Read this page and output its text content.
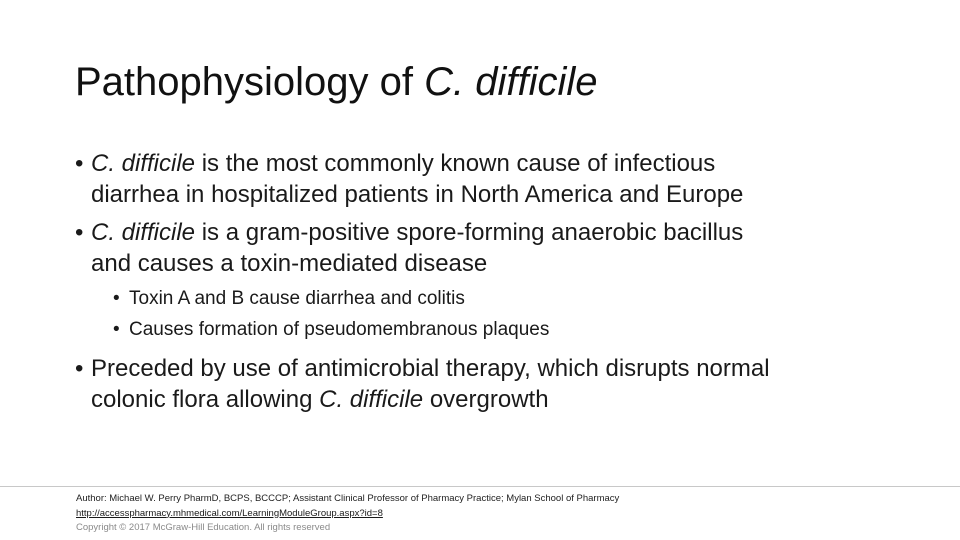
Pathophysiology of C. difficile
• C. difficile is the most commonly known cause of infectious
diarrhea in hospitalized patients in North America and Europe
• C. difficile is a gram-positive spore-forming anaerobic bacillus
and causes a toxin-mediated disease
• Toxin A and B cause diarrhea and colitis
• Causes formation of pseudomembranous plaques
• Preceded by use of antimicrobial therapy, which disrupts normal
colonic flora allowing C. difficile overgrowth
Author: Michael W. Perry PharmD, BCPS, BCCCP; Assistant Clinical Professor of Pharmacy Practice; Mylan School of Pharmacy
http://accesspharmacy.mhmedical.com/LearningModuleGroup.aspx?id=8
Copyright © 2017 McGraw-Hill Education. All rights reserved
